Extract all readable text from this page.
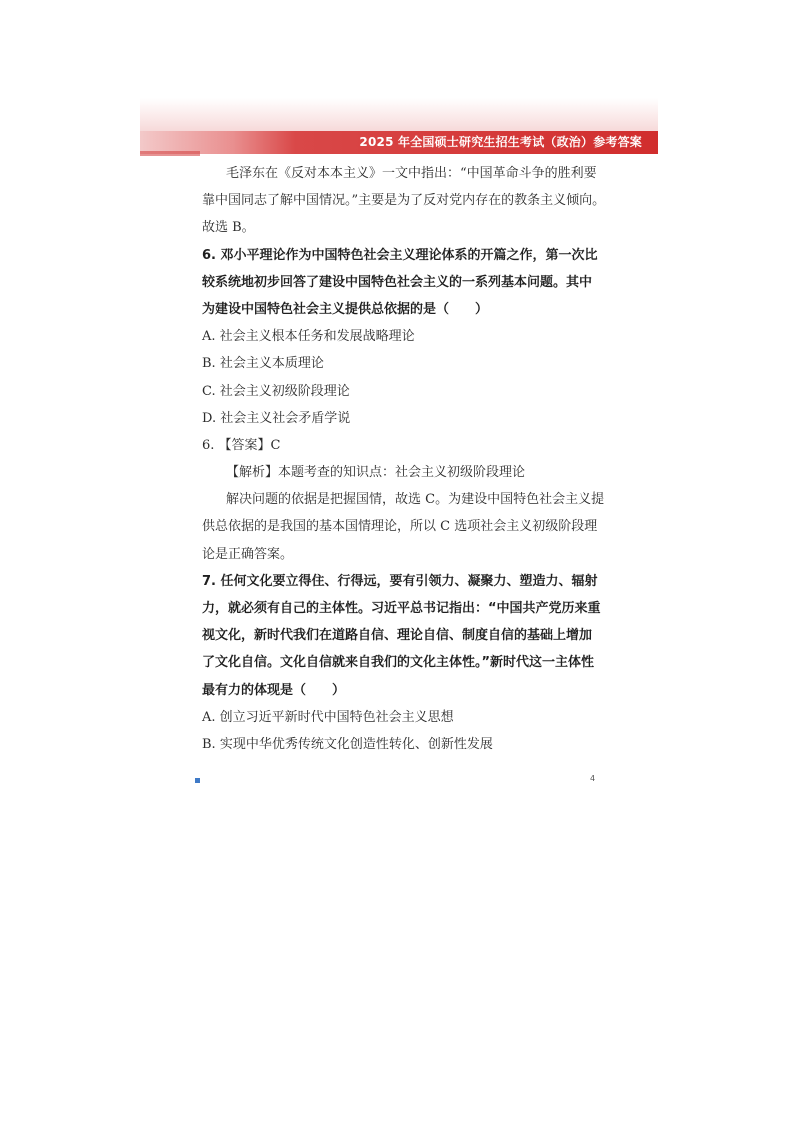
2025 年全国硕士研究生招生考试（政治）参考答案
毛泽东在《反对本本主义》一文中指出：“中国革命斗争的胜利要
靠中国同志了解中国情况。”主要是为了反对党内存在的教条主义倾向。
故选 B。
6. 邓小平理论作为中国特色社会主义理论体系的开篇之作，第一次比
较系统地初步回答了建设中国特色社会主义的一系列基本问题。其中
为建设中国特色社会主义提供总依据的是（　　）
A. 社会主义根本任务和发展战略理论
B. 社会主义本质理论
C. 社会主义初级阶段理论
D. 社会主义社会矛盾学说
6. 【答案】C
【解析】本题考查的知识点：社会主义初级阶段理论
解决问题的依据是把握国情，故选 C。为建设中国特色社会主义提
供总依据的是我国的基本国情理论，所以 C 选项社会主义初级阶段理
论是正确答案。
7. 任何文化要立得住、行得远，要有引领力、凝聚力、塑造力、辐射
力，就必须有自己的主体性。习近平总书记指出：“中国共产党历来重
视文化，新时代我们在道路自信、理论自信、制度自信的基础上增加
了文化自信。文化自信就来自我们的文化主体性。”新时代这一主体性
最有力的体现是（　　）
A. 创立习近平新时代中国特色社会主义思想
B. 实现中华优秀传统文化创造性转化、创新性发展
4
